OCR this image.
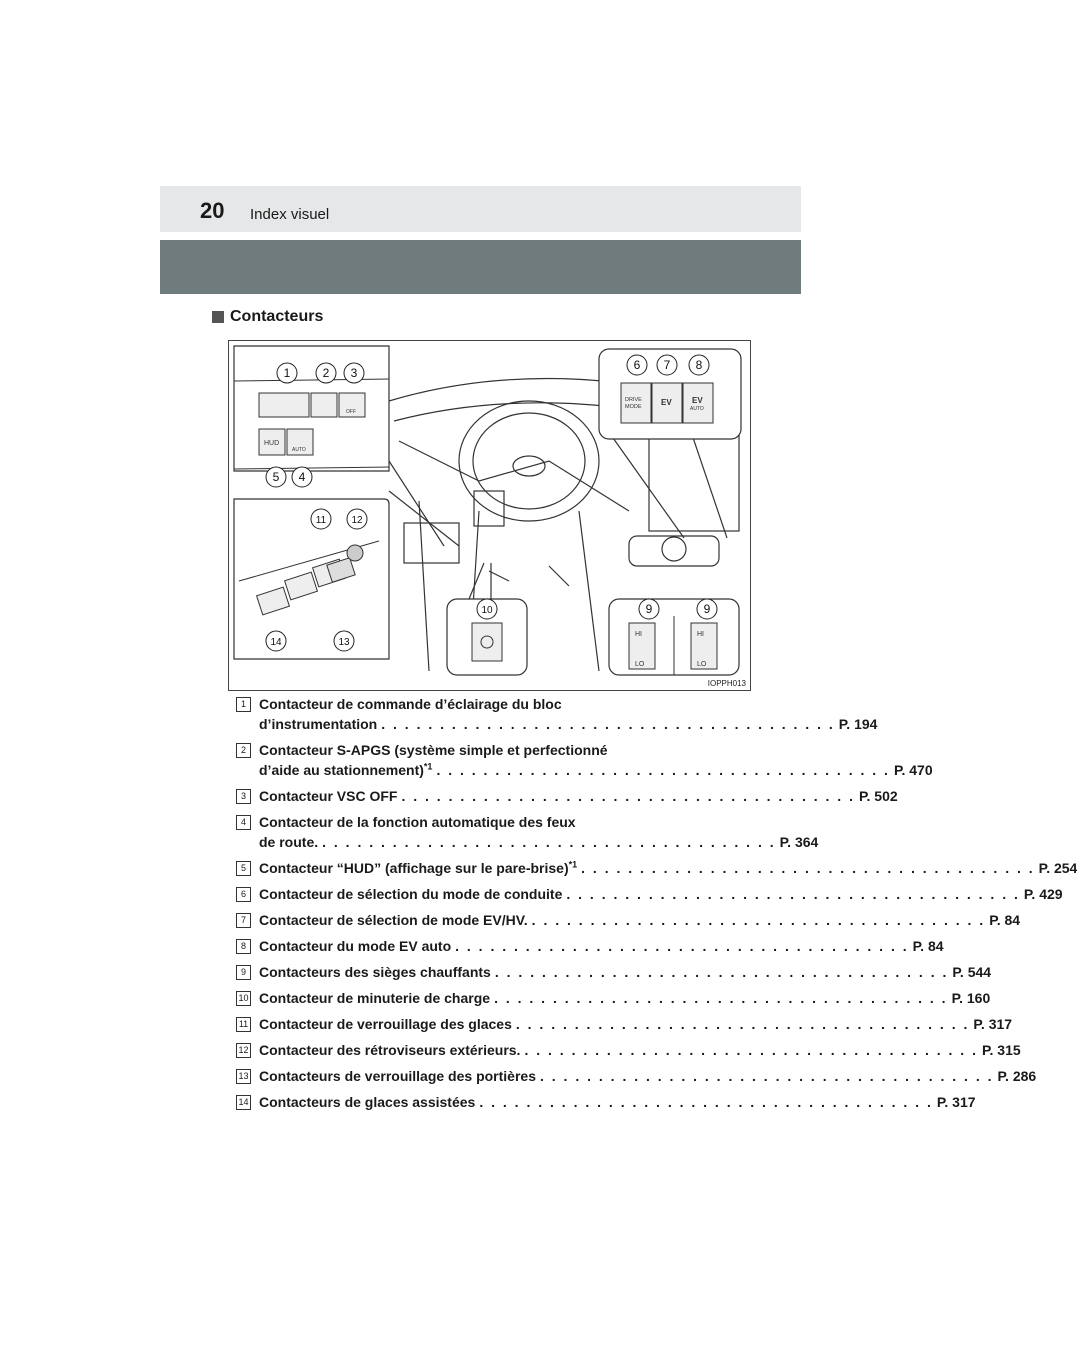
20 Index visuel
Contacteurs
HUD
AUTO
OFF
DRIVE
MODE EV	EV
AUTO
HI
LO
HI
LO
1	2 3
4
5
6 7 8
9	9
10
11	12
13
14
IOPPH013
1 Contacteur de commande d’éclairage du bloc
d’instrumentation . . . . . . . . . . . . . . . . . . . . . . . . . . . . . . . . . . . . . . . P. 194
2 Contacteur S-APGS (système simple et perfectionné
d’aide au stationnement)$^{*1}$ . . . . . . . . . . . . . . . . . . . . . . . . . . . . . . . . . . . . . . . P. 470
3 Contacteur VSC OFF . . . . . . . . . . . . . . . . . . . . . . . . . . . . . . . . . . . . . . . P. 502
4 Contacteur de la fonction automatique des feux
de route. . . . . . . . . . . . . . . . . . . . . . . . . . . . . . . . . . . . . . . . P. 364
5 Contacteur “HUD” (affichage sur le pare-brise)$^{*1}$ . . . . . . . . . . . . . . . . . . . . . . . . . . . . . . . . . . . . . . . P. 254
6 Contacteur de sélection du mode de conduite . . . . . . . . . . . . . . . . . . . . . . . . . . . . . . . . . . . . . . . P. 429
7 Contacteur de sélection de mode EV/HV. . . . . . . . . . . . . . . . . . . . . . . . . . . . . . . . . . . . . . . . P. 84
8 Contacteur du mode EV auto . . . . . . . . . . . . . . . . . . . . . . . . . . . . . . . . . . . . . . . P. 84
9 Contacteurs des sièges chauffants . . . . . . . . . . . . . . . . . . . . . . . . . . . . . . . . . . . . . . . P. 544
10 Contacteur de minuterie de charge . . . . . . . . . . . . . . . . . . . . . . . . . . . . . . . . . . . . . . . P. 160
11 Contacteur de verrouillage des glaces . . . . . . . . . . . . . . . . . . . . . . . . . . . . . . . . . . . . . . . P. 317
12 Contacteur des rétroviseurs extérieurs. . . . . . . . . . . . . . . . . . . . . . . . . . . . . . . . . . . . . . . . P. 315
13 Contacteurs de verrouillage des portières . . . . . . . . . . . . . . . . . . . . . . . . . . . . . . . . . . . . . . . P. 286
14 Contacteurs de glaces assistées . . . . . . . . . . . . . . . . . . . . . . . . . . . . . . . . . . . . . . . P. 317
